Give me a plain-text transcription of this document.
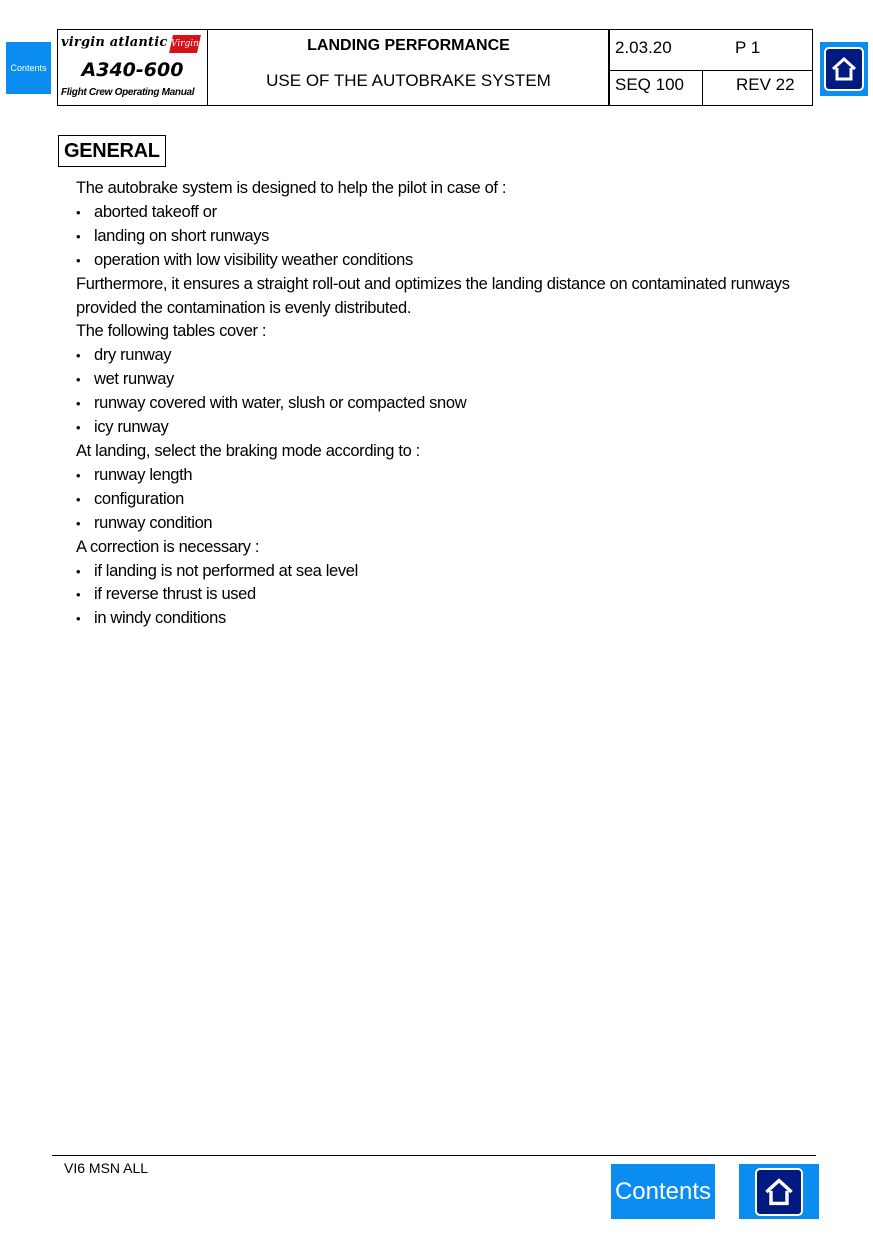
Contents
virgin atlantic Virgin
A340-600
Flight Crew Operating Manual
LANDING PERFORMANCE
USE OF THE AUTOBRAKE SYSTEM
2.03.20	P 1
SEQ 100	REV 22
GENERAL

The autobrake system is designed to help the pilot in case of :

• aborted takeoff or
• landing on short runways
• operation with low visibility weather conditions

Furthermore, it ensures a straight roll-out and optimizes the landing distance on contaminated runways provided the contamination is evenly distributed.

The following tables cover :

• dry runway
• wet runway
• runway covered with water, slush or compacted snow
• icy runway

At landing, select the braking mode according to :

• runway length
• configuration
• runway condition

A correction is necessary :

• if landing is not performed at sea level
• if reverse thrust is used
• in windy conditions
VI6 MSN ALL
Contents
